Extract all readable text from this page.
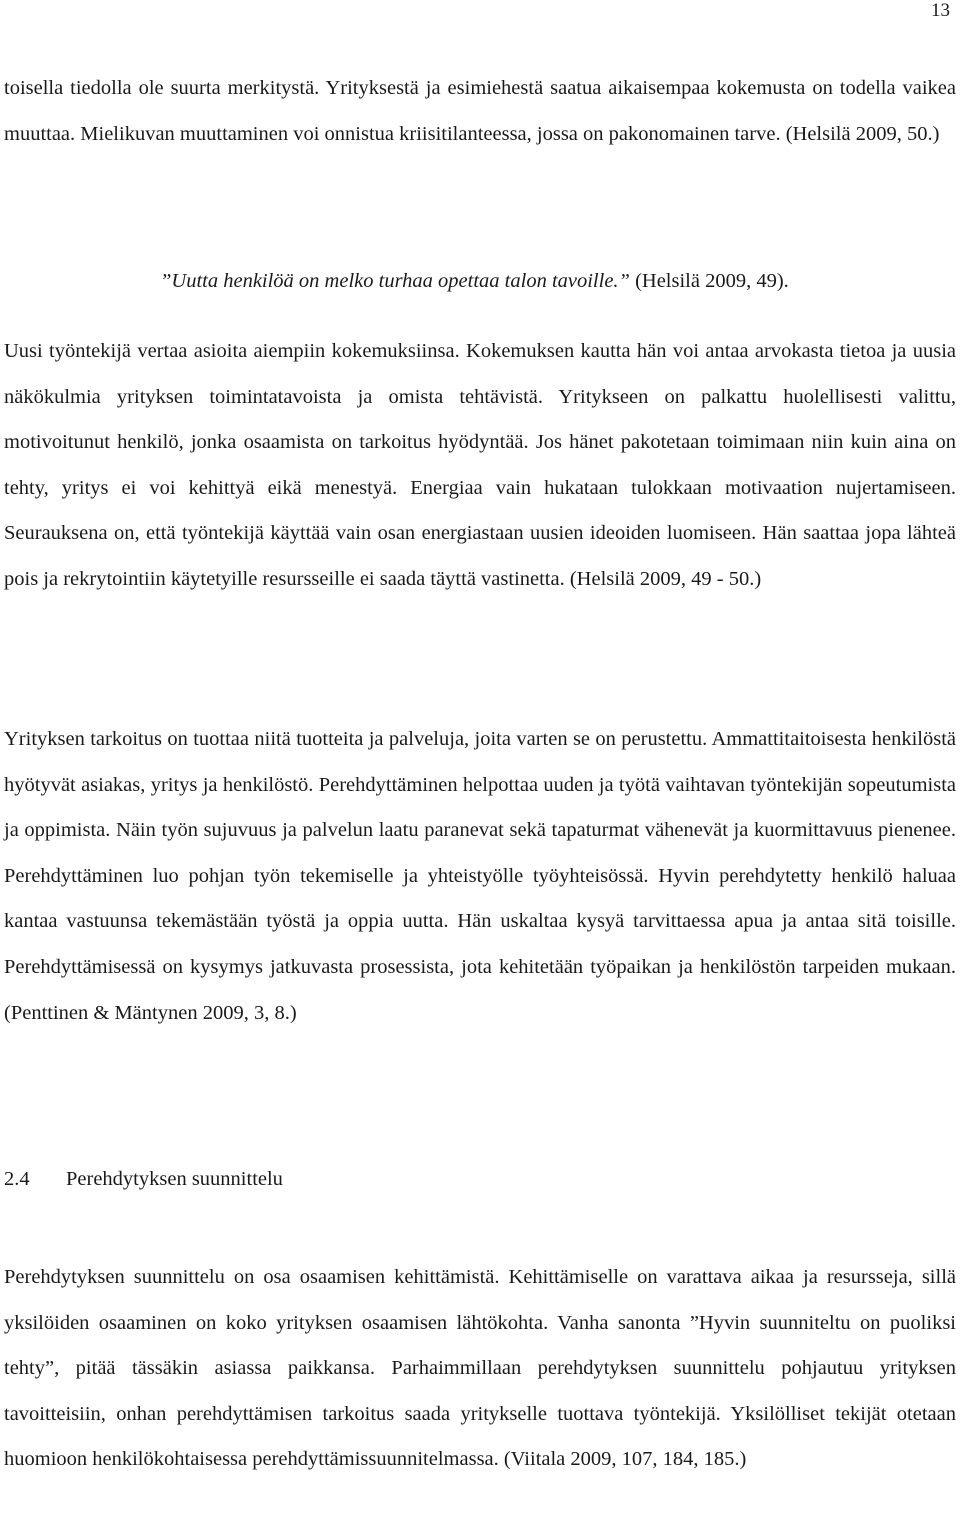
13

toisella tiedolla ole suurta merkitystä. Yrityksestä ja esimiehestä saatua aikaisempaa kokemusta on todella vaikea muuttaa. Mielikuvan muuttaminen voi onnistua kriisitilanteessa, jossa on pakonomainen tarve. (Helsilä 2009, 50.)

”Uutta henkilöä on melko turhaa opettaa talon tavoille.” (Helsilä 2009, 49).

Uusi työntekijä vertaa asioita aiempiin kokemuksiinsa. Kokemuksen kautta hän voi antaa arvokasta tietoa ja uusia näkökulmia yrityksen toimintatavoista ja omista tehtävistä. Yritykseen on palkattu huolellisesti valittu, motivoitunut henkilö, jonka osaamista on tarkoitus hyödyntää. Jos hänet pakotetaan toimimaan niin kuin aina on tehty, yritys ei voi kehittyä eikä menestyä. Energiaa vain hukataan tulokkaan motivaation nujertamiseen. Seurauksena on, että työntekijä käyttää vain osan energiastaan uusien ideoiden luomiseen. Hän saattaa jopa lähteä pois ja rekrytointiin käytetyille resursseille ei saada täyttä vastinetta. (Helsilä 2009, 49 - 50.)

Yrityksen tarkoitus on tuottaa niitä tuotteita ja palveluja, joita varten se on perustettu. Ammattitaitoisesta henkilöstä hyötyvät asiakas, yritys ja henkilöstö. Perehdyttäminen helpottaa uuden ja työtä vaihtavan työntekijän sopeutumista ja oppimista. Näin työn sujuvuus ja palvelun laatu paranevat sekä tapaturmat vähenevät ja kuormittavuus pienenee. Perehdyttäminen luo pohjan työn tekemiselle ja yhteistyölle työyhteisössä. Hyvin perehdytetty henkilö haluaa kantaa vastuunsa tekemästään työstä ja oppia uutta. Hän uskaltaa kysyä tarvittaessa apua ja antaa sitä toisille. Perehdyttämisessä on kysymys jatkuvasta prosessista, jota kehitetään työpaikan ja henkilöstön tarpeiden mukaan. (Penttinen & Mäntynen 2009, 3, 8.)

2.4 Perehdytyksen suunnittelu

Perehdytyksen suunnittelu on osa osaamisen kehittämistä. Kehittämiselle on varattava aikaa ja resursseja, sillä yksilöiden osaaminen on koko yrityksen osaamisen lähtökohta. Vanha sanonta ”Hyvin suunniteltu on puoliksi tehty”, pitää tässäkin asiassa paikkansa. Parhaimmillaan perehdytyksen suunnittelu pohjautuu yrityksen tavoitteisiin, onhan perehdyttämisen tarkoitus saada yritykselle tuottava työntekijä. Yksilölliset tekijät otetaan huomioon henkilökohtaisessa perehdyttämissuunnitelmassa. (Viitala 2009, 107, 184, 185.)
